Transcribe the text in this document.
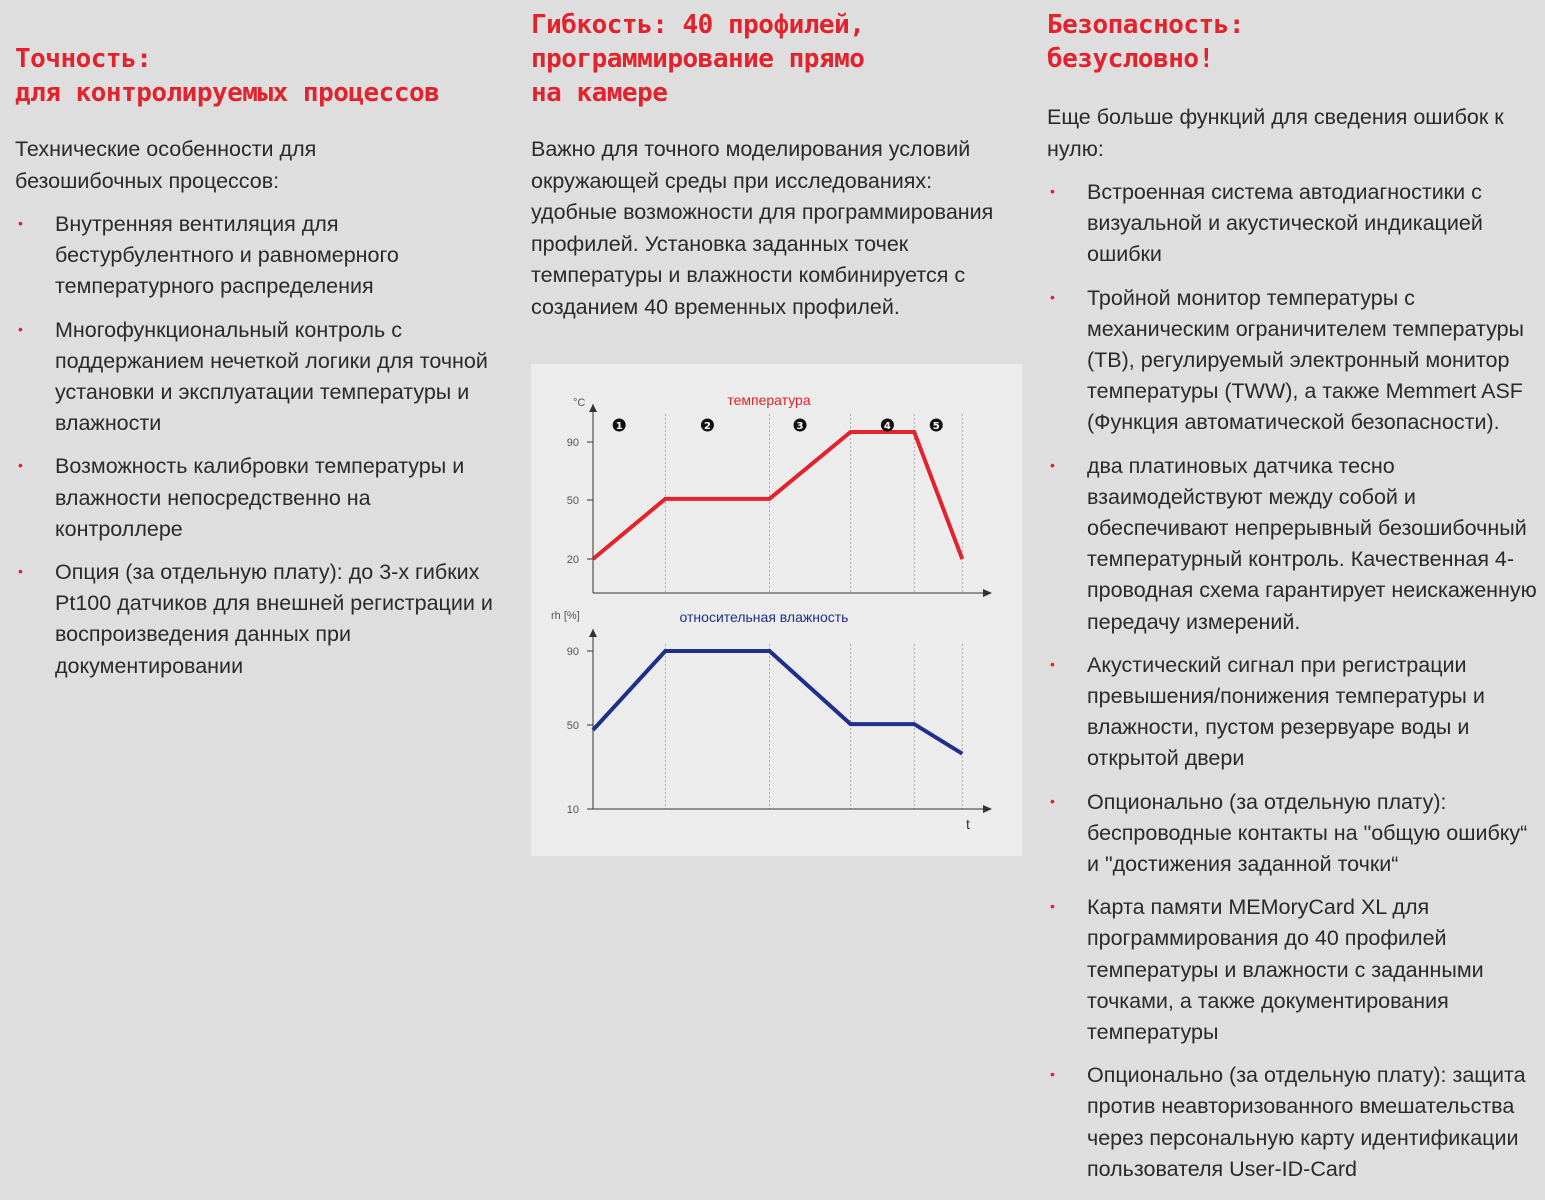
Точность:
для контролируемых процессов

Технические особенности для безошибочных процессов:

• Внутренняя вентиляция для бестурбулентного и равномерного температурного распределения
• Многофункциональный контроль с поддержанием нечеткой логики для точной установки и эксплуатации температуры и влажности
• Возможность калибровки температуры и влажности непосредственно на контроллере
• Опция (за отдельную плату): до 3-х гибких Pt100 датчиков для внешней регистрации и воспроизведения данных при документировании
Гибкость: 40 профилей,
программирование прямо
на камере

Важно для точного моделирования условий окружающей среды при исследованиях: удобные возможности для программирования профилей. Установка заданных точек температуры и влажности комбинируется с созданием 40 временных профилей.

°C
20
50
90
температура
1	2	3	4	5
rh [%]
10
50
90
относительная влажность
t
Безопасность:
безусловно!

Еще больше функций для сведения ошибок к нулю:

• Встроенная система автодиагностики с визуальной и акустической индикацией ошибки
• Тройной монитор температуры с механическим ограничителем температуры (TB), регулируемый электронный монитор температуры (TWW), а также Memmert ASF (Функция автоматической безопасности).
• два платиновых датчика тесно взаимодействуют между собой и обеспечивают непрерывный безошибочный температурный контроль. Качественная 4-проводная схема гарантирует неискаженную передачу измерений.
• Акустический сигнал при регистрации превышения/понижения температуры и влажности, пустом резервуаре воды и открытой двери
• Опционально (за отдельную плату): беспроводные контакты на "общую ошибку“ и "достижения заданной точки“
• Карта памяти MEMoryCard XL для программирования до 40 профилей температуры и влажности с заданными точками, а также документирования температуры
• Опционально (за отдельную плату): защита против неавторизованного вмешательства через персональную карту идентификации пользователя User-ID-Card
